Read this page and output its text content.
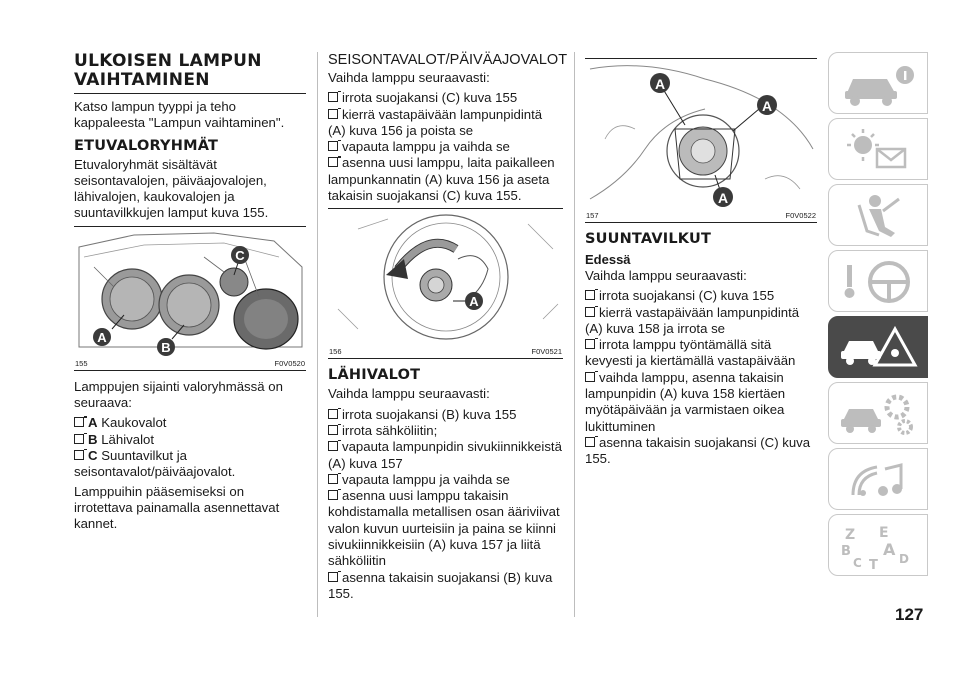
ULKOISEN LAMPUN VAIHTAMINEN

Katso lampun tyyppi ja teho kappaleesta "Lampun vaihtaminen".

ETUVALORYHMÄT

Etuvaloryhmät sisältävät seisontavalojen, päiväajovalojen, lähivalojen, kaukovalojen ja suuntavilkkujen lamput kuva 155.

A
B
C
155	F0V0520

Lamppujen sijainti valoryhmässä on seuraava:

A Kaukovalot
B Lähivalot
C Suuntavilkut ja seisontavalot/päiväajovalot.

Lamppuihin pääsemiseksi on irrotettava painamalla asennettavat kannet.

SEISONTAVALOT/PÄIVÄAJOVALOT

Vaihda lamppu seuraavasti:

irrota suojakansi (C) kuva 155
kierrä vastapäivään lampunpidintä (A) kuva 156 ja poista se
vapauta lamppu ja vaihda se
asenna uusi lamppu, laita paikalleen lampunkannatin (A) kuva 156 ja aseta takaisin suojakansi (C) kuva 155.
A
156	F0V0521
LÄHIVALOT

Vaihda lamppu seuraavasti:

irrota suojakansi (B) kuva 155
irrota sähköliitin;
vapauta lampunpidin sivukiinnikkeistä (A) kuva 157
vapauta lamppu ja vaihda se
asenna uusi lamppu takaisin kohdistamalla metallisen osan ääriviivat valon kuvun uurteisiin ja paina se kiinni sivukiinnikkeisiin (A) kuva 157 ja liitä sähköliitin
asenna takaisin suojakansi (B) kuva 155.
A
A
A
157	F0V0522
SUUNTAVILKUT
Edessä

Vaihda lamppu seuraavasti:

irrota suojakansi (C) kuva 155
kierrä vastapäivään lampunpidintä (A) kuva 158 ja irrota se
irrota lamppu työntämällä sitä kevyesti ja kiertämällä vastapäivään
vaihda lamppu, asenna takaisin lampunpidin (A) kuva 158 kiertäen myötäpäivään ja varmistaen oikea lukittuminen
asenna takaisin suojakansi (C) kuva 155.
Z E
B A
C T D
127
